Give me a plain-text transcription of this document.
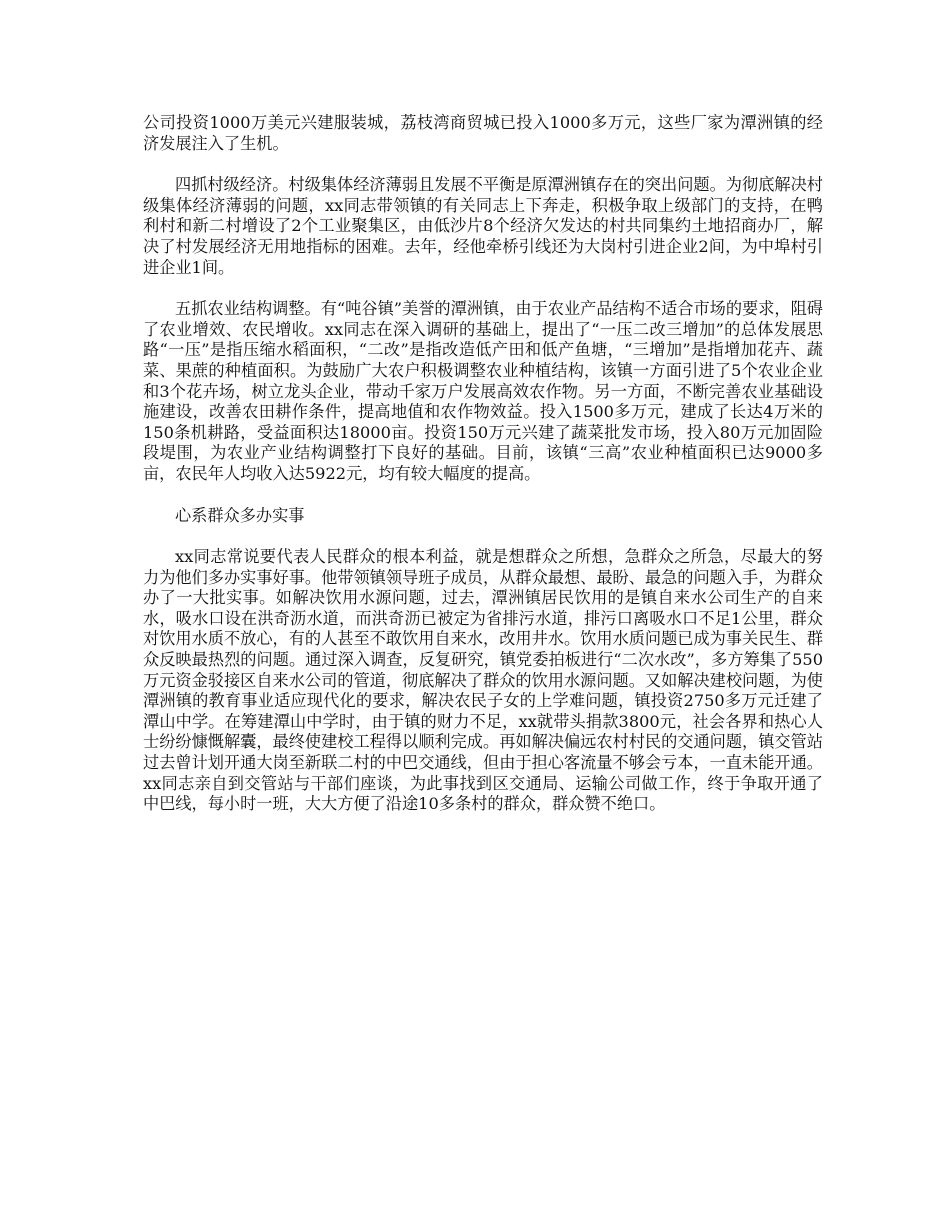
公司投资1000万美元兴建服装城，荔枝湾商贸城已投入1000多万元，这些厂家为潭洲镇的经济发展注入了生机。

四抓村级经济。村级集体经济薄弱且发展不平衡是原潭洲镇存在的突出问题。为彻底解决村级集体经济薄弱的问题，xx同志带领镇的有关同志上下奔走，积极争取上级部门的支持，在鸭利村和新二村增设了2个工业聚集区，由低沙片8个经济欠发达的村共同集约土地招商办厂，解决了村发展经济无用地指标的困难。去年，经他牵桥引线还为大岗村引进企业2间，为中埠村引进企业1间。

五抓农业结构调整。有“吨谷镇”美誉的潭洲镇，由于农业产品结构不适合市场的要求，阻碍了农业增效、农民增收。xx同志在深入调研的基础上，提出了“一压二改三增加”的总体发展思路“一压”是指压缩水稻面积，“二改”是指改造低产田和低产鱼塘，“三增加”是指增加花卉、蔬菜、果蔗的种植面积。为鼓励广大农户积极调整农业种植结构，该镇一方面引进了5个农业企业和3个花卉场，树立龙头企业，带动千家万户发展高效农作物。另一方面，不断完善农业基础设施建设，改善农田耕作条件，提高地值和农作物效益。投入1500多万元，建成了长达4万米的150条机耕路，受益面积达18000亩。投资150万元兴建了蔬菜批发市场，投入80万元加固险段堤围，为农业产业结构调整打下良好的基础。目前，该镇“三高”农业种植面积已达9000多亩，农民年人均收入达5922元，均有较大幅度的提高。

心系群众多办实事

xx同志常说要代表人民群众的根本利益，就是想群众之所想，急群众之所急，尽最大的努力为他们多办实事好事。他带领镇领导班子成员，从群众最想、最盼、最急的问题入手，为群众办了一大批实事。如解决饮用水源问题，过去，潭洲镇居民饮用的是镇自来水公司生产的自来水，吸水口设在洪奇沥水道，而洪奇沥已被定为省排污水道，排污口离吸水口不足1公里，群众对饮用水质不放心，有的人甚至不敢饮用自来水，改用井水。饮用水质问题已成为事关民生、群众反映最热烈的问题。通过深入调查，反复研究，镇党委拍板进行“二次水改”，多方筹集了550万元资金驳接区自来水公司的管道，彻底解决了群众的饮用水源问题。又如解决建校问题，为使潭洲镇的教育事业适应现代化的要求，解决农民子女的上学难问题，镇投资2750多万元迁建了潭山中学。在筹建潭山中学时，由于镇的财力不足，xx就带头捐款3800元，社会各界和热心人士纷纷慷慨解囊，最终使建校工程得以顺利完成。再如解决偏远农村村民的交通问题，镇交管站过去曾计划开通大岗至新联二村的中巴交通线，但由于担心客流量不够会亏本，一直未能开通。xx同志亲自到交管站与干部们座谈，为此事找到区交通局、运输公司做工作，终于争取开通了中巴线，每小时一班，大大方便了沿途10多条村的群众，群众赞不绝口。
